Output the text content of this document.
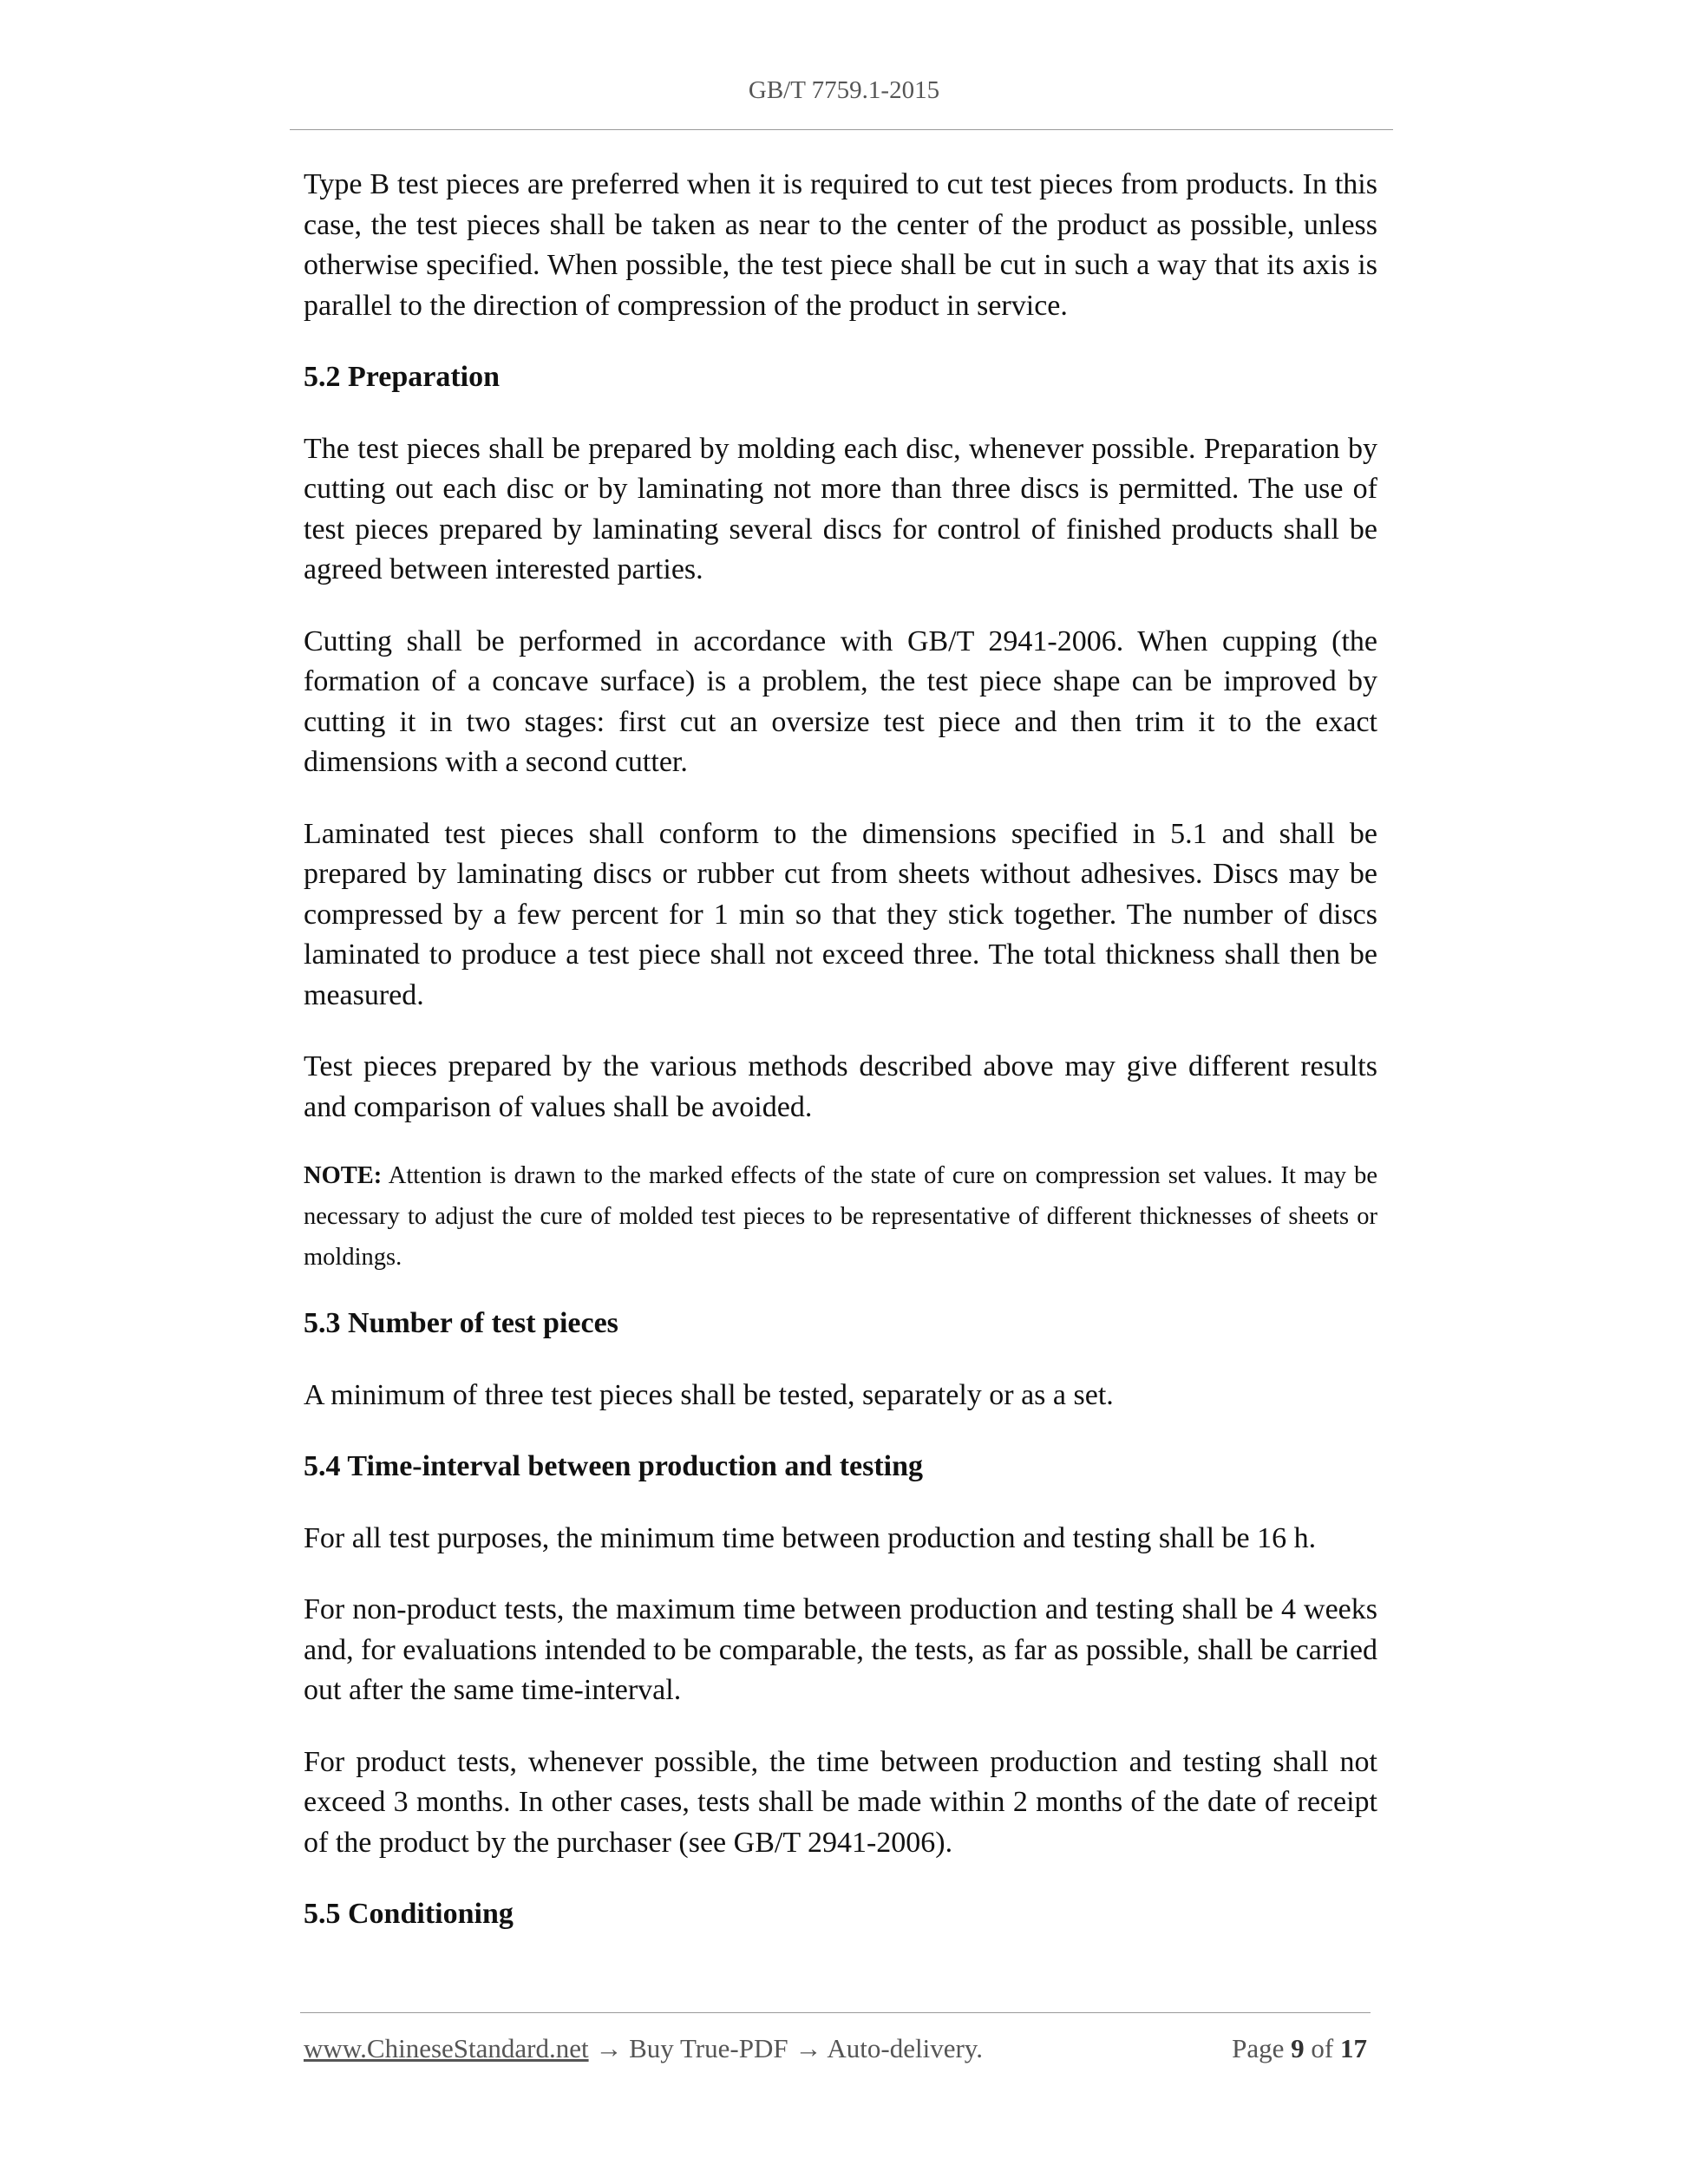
GB/T 7759.1-2015

Type B test pieces are preferred when it is required to cut test pieces from products. In this case, the test pieces shall be taken as near to the center of the product as possible, unless otherwise specified. When possible, the test piece shall be cut in such a way that its axis is parallel to the direction of compression of the product in service.

5.2 Preparation

The test pieces shall be prepared by molding each disc, whenever possible. Preparation by cutting out each disc or by laminating not more than three discs is permitted. The use of test pieces prepared by laminating several discs for control of finished products shall be agreed between interested parties.

Cutting shall be performed in accordance with GB/T 2941-2006. When cupping (the formation of a concave surface) is a problem, the test piece shape can be improved by cutting it in two stages: first cut an oversize test piece and then trim it to the exact dimensions with a second cutter.

Laminated test pieces shall conform to the dimensions specified in 5.1 and shall be prepared by laminating discs or rubber cut from sheets without adhesives. Discs may be compressed by a few percent for 1 min so that they stick together. The number of discs laminated to produce a test piece shall not exceed three. The total thickness shall then be measured.

Test pieces prepared by the various methods described above may give different results and comparison of values shall be avoided.

NOTE: Attention is drawn to the marked effects of the state of cure on compression set values. It may be necessary to adjust the cure of molded test pieces to be representative of different thicknesses of sheets or moldings.

5.3 Number of test pieces

A minimum of three test pieces shall be tested, separately or as a set.

5.4 Time-interval between production and testing

For all test purposes, the minimum time between production and testing shall be 16 h.

For non-product tests, the maximum time between production and testing shall be 4 weeks and, for evaluations intended to be comparable, the tests, as far as possible, shall be carried out after the same time-interval.

For product tests, whenever possible, the time between production and testing shall not exceed 3 months. In other cases, tests shall be made within 2 months of the date of receipt of the product by the purchaser (see GB/T 2941-2006).

5.5 Conditioning
www.ChineseStandard.net → Buy True-PDF → Auto-delivery.	Page 9 of 17
